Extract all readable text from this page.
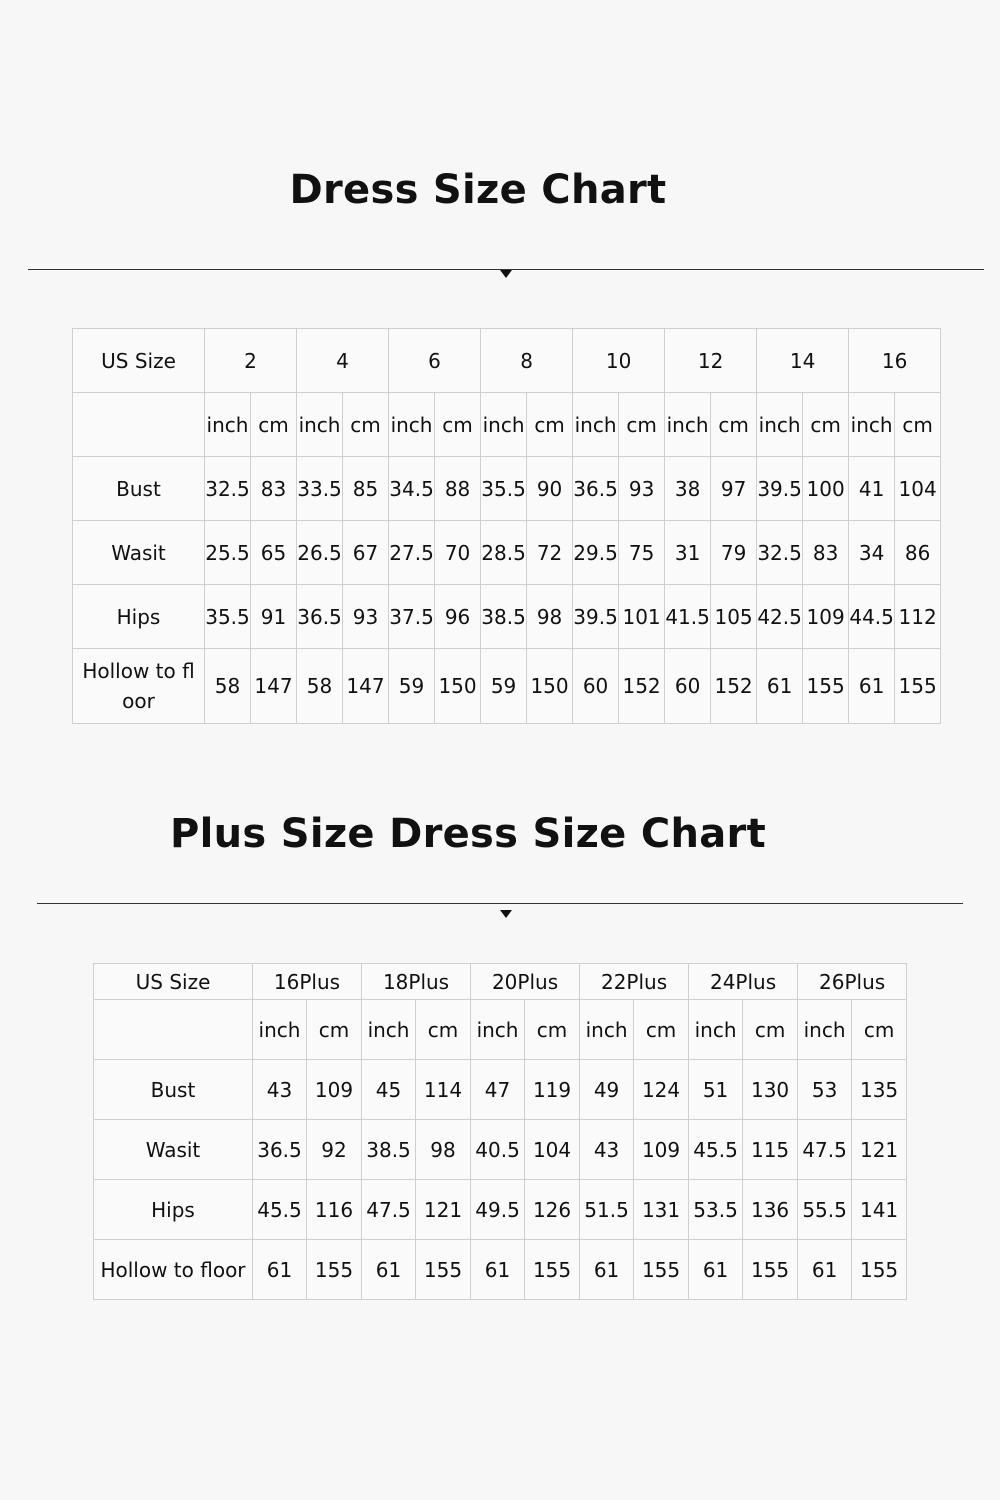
Dress Size Chart
US Size	2		4		6		8		10		12		14		16	
	inch	cm	inch	cm	inch	cm	inch	cm	inch	cm	inch	cm	inch	cm	inch	cm
Bust	32.5	83	33.5	85	34.5	88	35.5	90	36.5	93	38	97	39.5	100	41	104
Wasit	25.5	65	26.5	67	27.5	70	28.5	72	29.5	75	31	79	32.5	83	34	86
Hips	35.5	91	36.5	93	37.5	96	38.5	98	39.5	101	41.5	105	42.5	109	44.5	112
Hollow to floor	58	147	58	147	59	150	59	150	60	152	60	152	61	155	61	155
Plus Size Dress Size Chart
US Size	16Plus		18Plus		20Plus		22Plus		24Plus		26Plus	
	inch	cm	inch	cm	inch	cm	inch	cm	inch	cm	inch	cm
Bust	43	109	45	114	47	119	49	124	51	130	53	135
Wasit	36.5	92	38.5	98	40.5	104	43	109	45.5	115	47.5	121
Hips	45.5	116	47.5	121	49.5	126	51.5	131	53.5	136	55.5	141
Hollow to floor	61	155	61	155	61	155	61	155	61	155	61	155
